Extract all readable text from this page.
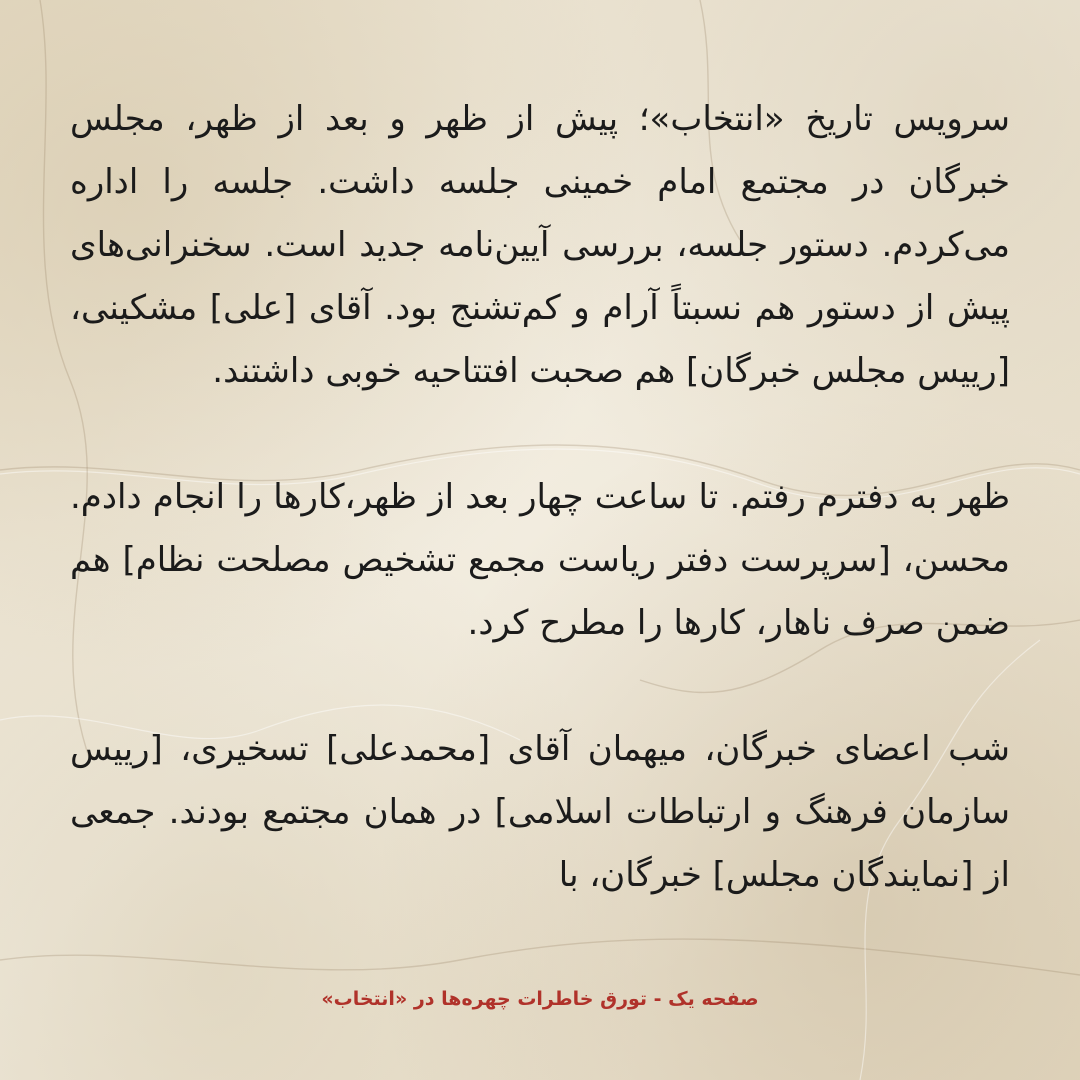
سرویس تاریخ «انتخاب»؛ پیش از ظهر و بعد از ظهر، مجلس خبرگان در مجتمع امام خمینی جلسه داشت. جلسه را اداره می‌کردم. دستور جلسه، بررسی آیین‌نامه جدید است. سخنرانی‌های پیش از دستور هم نسبتاً آرام و کم‌تشنج بود. آقای [علی] مشکینی، [رییس مجلس خبرگان] هم صحبت افتتاحیه خوبی داشتند.

ظهر به دفترم رفتم. تا ساعت چهار بعد از ظهر،کارها را انجام دادم. محسن، [سرپرست دفتر ریاست مجمع تشخیص مصلحت نظام] هم ضمن صرف ناهار، کارها را مطرح کرد.

شب اعضای خبرگان، میهمان آقای [محمدعلی] تسخیری، [رییس سازمان فرهنگ و ارتباطات اسلامی] در همان مجتمع بودند. جمعی از [نمایندگان مجلس] خبرگان، با

صفحه یک - تورق خاطرات چهره‌ها در «انتخاب»
